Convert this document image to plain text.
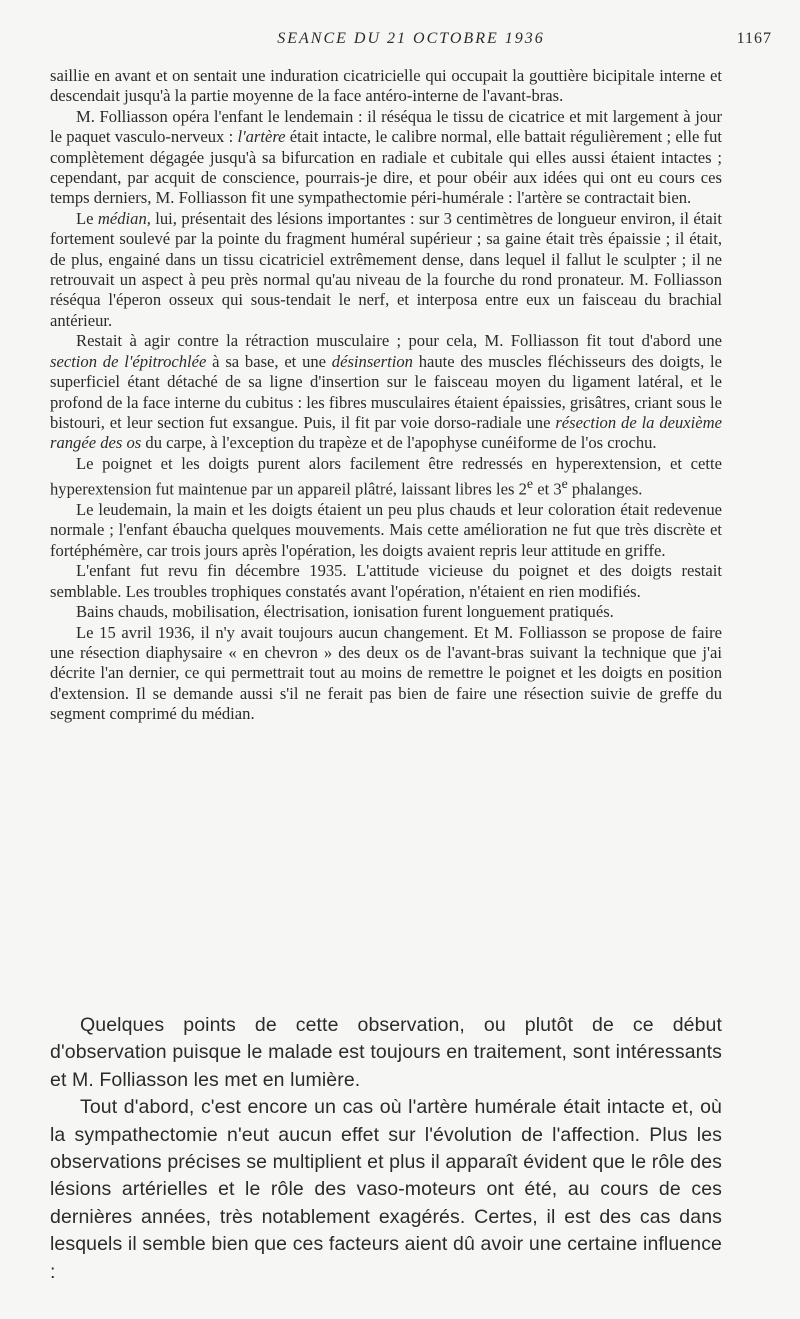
SEANCE DU 21 OCTOBRE 1936	1167

saillie en avant et on sentait une induration cicatricielle qui occupait la gouttière bicipitale interne et descendait jusqu'à la partie moyenne de la face antéro-interne de l'avant-bras.

M. Folliasson opéra l'enfant le lendemain : il réséqua le tissu de cicatrice et mit largement à jour le paquet vasculo-nerveux : l'artère était intacte, le calibre normal, elle battait régulièrement ; elle fut complètement dégagée jusqu'à sa bifurcation en radiale et cubitale qui elles aussi étaient intactes ; cependant, par acquit de conscience, pourrais-je dire, et pour obéir aux idées qui ont eu cours ces temps derniers, M. Folliasson fit une sympathectomie péri-humérale : l'artère se contractait bien.

Le médian, lui, présentait des lésions importantes : sur 3 centimètres de longueur environ, il était fortement soulevé par la pointe du fragment huméral supérieur ; sa gaine était très épaissie ; il était, de plus, engainé dans un tissu cicatriciel extrêmement dense, dans lequel il fallut le sculpter ; il ne retrouvait un aspect à peu près normal qu'au niveau de la fourche du rond pronateur. M. Folliasson réséqua l'éperon osseux qui sous-tendait le nerf, et interposa entre eux un faisceau du brachial antérieur.

Restait à agir contre la rétraction musculaire ; pour cela, M. Folliasson fit tout d'abord une section de l'épitrochlée à sa base, et une désinsertion haute des muscles fléchisseurs des doigts, le superficiel étant détaché de sa ligne d'insertion sur le faisceau moyen du ligament latéral, et le profond de la face interne du cubitus : les fibres musculaires étaient épaissies, grisâtres, criant sous le bistouri, et leur section fut exsangue. Puis, il fit par voie dorso-radiale une résection de la deuxième rangée des os du carpe, à l'exception du trapèze et de l'apophyse cunéiforme de l'os crochu.

Le poignet et les doigts purent alors facilement être redressés en hyperextension, et cette hyperextension fut maintenue par un appareil plâtré, laissant libres les 2e et 3e phalanges.

Le leudemain, la main et les doigts étaient un peu plus chauds et leur coloration était redevenue normale ; l'enfant ébaucha quelques mouvements. Mais cette amélioration ne fut que très discrète et fortéphémère, car trois jours après l'opération, les doigts avaient repris leur attitude en griffe.

L'enfant fut revu fin décembre 1935. L'attitude vicieuse du poignet et des doigts restait semblable. Les troubles trophiques constatés avant l'opération, n'étaient en rien modifiés.

Bains chauds, mobilisation, électrisation, ionisation furent longuement pratiqués.

Le 15 avril 1936, il n'y avait toujours aucun changement. Et M. Folliasson se propose de faire une résection diaphysaire « en chevron » des deux os de l'avant-bras suivant la technique que j'ai décrite l'an dernier, ce qui permettrait tout au moins de remettre le poignet et les doigts en position d'extension. Il se demande aussi s'il ne ferait pas bien de faire une résection suivie de greffe du segment comprimé du médian.

Quelques points de cette observation, ou plutôt de ce début d'observation puisque le malade est toujours en traitement, sont intéressants et M. Folliasson les met en lumière.

Tout d'abord, c'est encore un cas où l'artère humérale était intacte et, où la sympathectomie n'eut aucun effet sur l'évolution de l'affection. Plus les observations précises se multiplient et plus il apparaît évident que le rôle des lésions artérielles et le rôle des vaso-moteurs ont été, au cours de ces dernières années, très notablement exagérés. Certes, il est des cas dans lesquels il semble bien que ces facteurs aient dû avoir une certaine influence :
